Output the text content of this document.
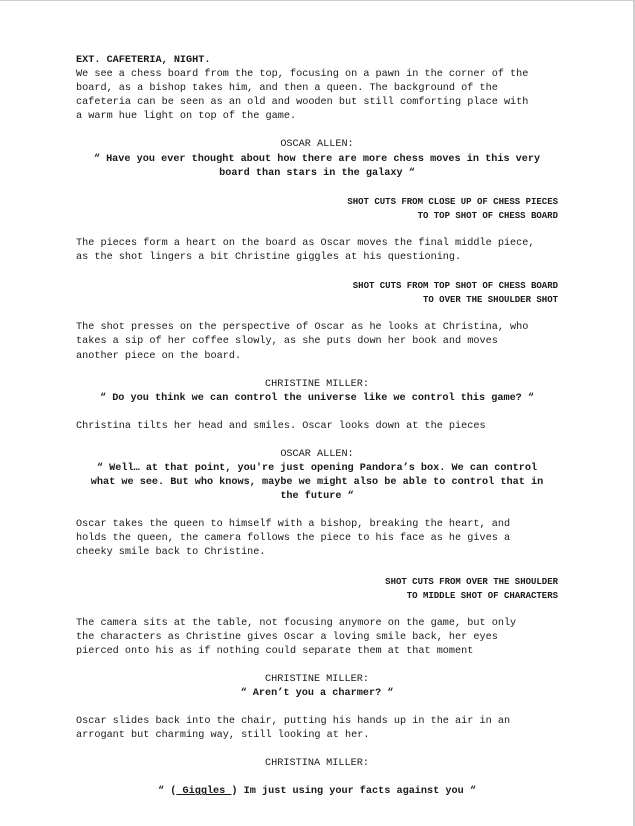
EXT. CAFETERIA, NIGHT.

We see a chess board from the top, focusing on a pawn in the corner of the

board, as a bishop takes him, and then a queen. The background of the

cafeteria can be seen as an old and wooden but still comforting place with

a warm hue light on top of the game.

OSCAR ALLEN:

“ Have you ever thought about how there are more chess moves in this very

board than stars in the galaxy “

SHOT CUTS FROM CLOSE UP OF CHESS PIECES

TO TOP SHOT OF CHESS BOARD

The pieces form a heart on the board as Oscar moves the final middle piece,

as the shot lingers a bit Christine giggles at his questioning.

SHOT CUTS FROM TOP SHOT OF CHESS BOARD

TO OVER THE SHOULDER SHOT

The shot presses on the perspective of Oscar as he looks at Christina, who

takes a sip of her coffee slowly, as she puts down her book and moves

another piece on the board.

CHRISTINE MILLER:

“ Do you think we can control the universe like we control this game? “

Christina tilts her head and smiles. Oscar looks down at the pieces

OSCAR ALLEN:

“ Well… at that point, you're just opening Pandora’s box. We can control

what we see. But who knows, maybe we might also be able to control that in

the future “

Oscar takes the queen to himself with a bishop, breaking the heart, and

holds the queen, the camera follows the piece to his face as he gives a

cheeky smile back to Christine.

SHOT CUTS FROM OVER THE SHOULDER

TO MIDDLE SHOT OF CHARACTERS

The camera sits at the table, not focusing anymore on the game, but only

the characters as Christine gives Oscar a loving smile back, her eyes

pierced onto his as if nothing could separate them at that moment

CHRISTINE MILLER:

“ Aren’t you a charmer? “

Oscar slides back into the chair, putting his hands up in the air in an

arrogant but charming way, still looking at her.

CHRISTINA MILLER:

“ ( Giggles ) Im just using your facts against you “
